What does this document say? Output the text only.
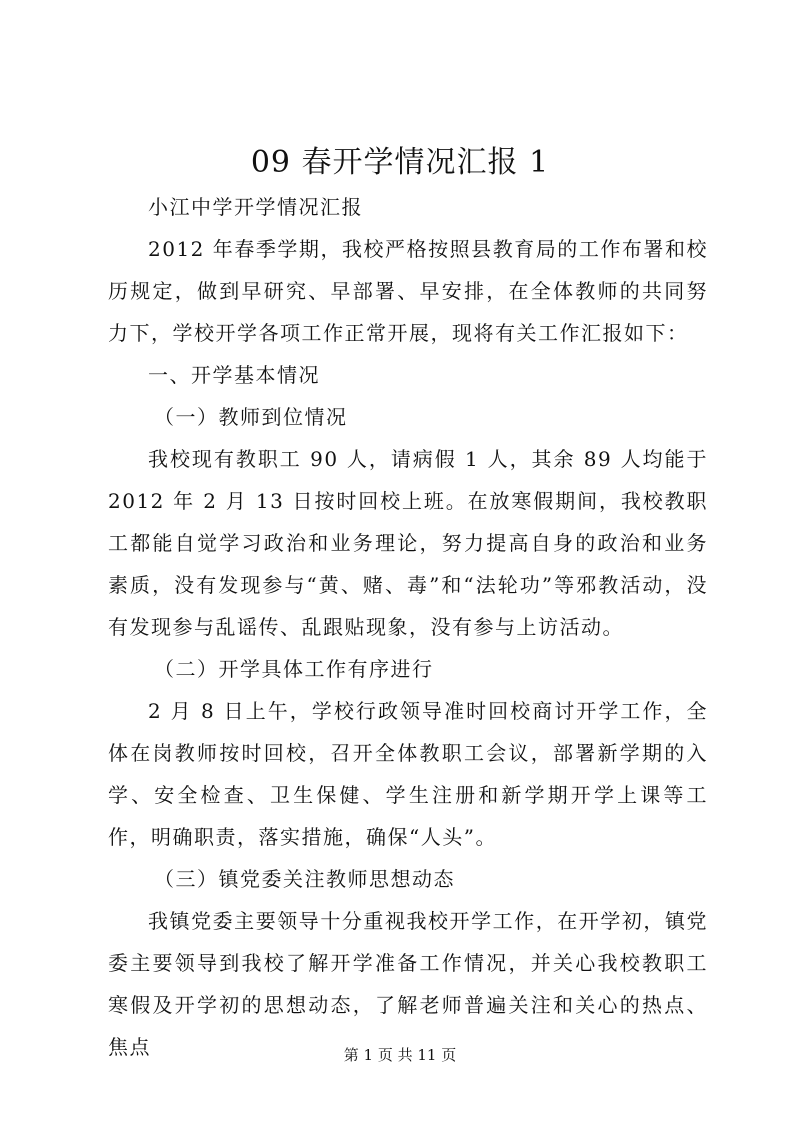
09 春开学情况汇报 1

小江中学开学情况汇报

2012 年春季学期，我校严格按照县教育局的工作布署和校历规定，做到早研究、早部署、早安排，在全体教师的共同努力下，学校开学各项工作正常开展，现将有关工作汇报如下：

一、开学基本情况

（一）教师到位情况

我校现有教职工 90 人，请病假 1 人，其余 89 人均能于 2012 年 2 月 13 日按时回校上班。在放寒假期间，我校教职工都能自觉学习政治和业务理论，努力提高自身的政治和业务素质，没有发现参与“黄、赌、毒”和“法轮功”等邪教活动，没有发现参与乱谣传、乱跟贴现象，没有参与上访活动。

（二）开学具体工作有序进行

2 月 8 日上午，学校行政领导准时回校商讨开学工作，全体在岗教师按时回校，召开全体教职工会议，部署新学期的入学、安全检查、卫生保健、学生注册和新学期开学上课等工作，明确职责，落实措施，确保“人头”。

（三）镇党委关注教师思想动态

我镇党委主要领导十分重视我校开学工作，在开学初，镇党委主要领导到我校了解开学准备工作情况，并关心我校教职工寒假及开学初的思想动态，了解老师普遍关注和关心的热点、焦点	第 1 页 共 11 页
